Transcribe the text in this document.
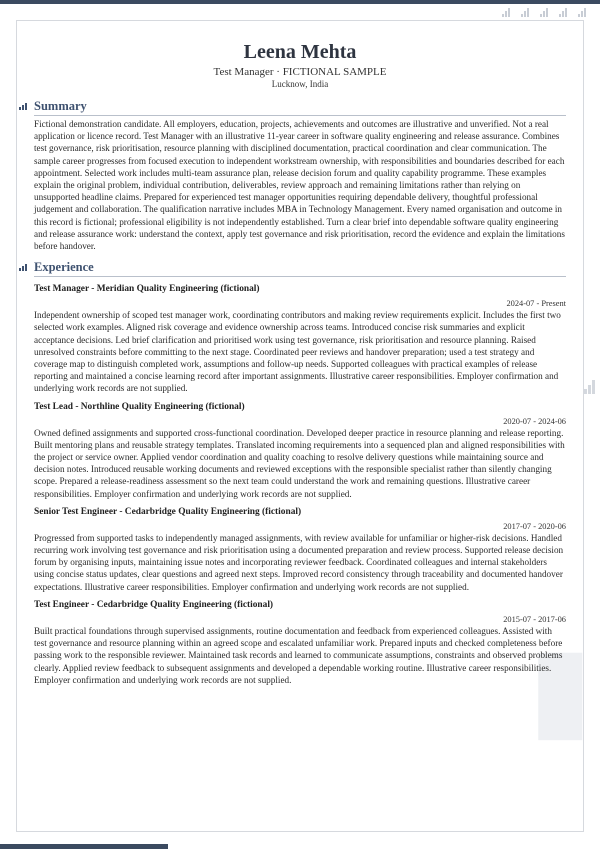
▮
Leena Mehta
Test Manager · FICTIONAL SAMPLE
Lucknow, India
Summary

Fictional demonstration candidate. All employers, education, projects, achievements and outcomes are illustrative and unverified. Not a real application or licence record. Test Manager with an illustrative 11-year career in software quality engineering and release assurance. Combines test governance, risk prioritisation, resource planning with disciplined documentation, practical coordination and clear communication. The sample career progresses from focused execution to independent workstream ownership, with responsibilities and boundaries described for each appointment. Selected work includes multi-team assurance plan, release decision forum and quality capability programme. These examples explain the original problem, individual contribution, deliverables, review approach and remaining limitations rather than relying on unsupported headline claims. Prepared for experienced test manager opportunities requiring dependable delivery, thoughtful professional judgement and collaboration. The qualification narrative includes MBA in Technology Management. Every named organisation and outcome in this record is fictional; professional eligibility is not independently established. Turn a clear brief into dependable software quality engineering and release assurance work: understand the context, apply test governance and risk prioritisation, record the evidence and explain the limitations before handover.

Experience
Test Manager - Meridian Quality Engineering (fictional)
2024-07 - Present

Independent ownership of scoped test manager work, coordinating contributors and making review requirements explicit. Includes the first two selected work examples. Aligned risk coverage and evidence ownership across teams. Introduced concise risk summaries and explicit acceptance decisions. Led brief clarification and prioritised work using test governance, risk prioritisation and resource planning. Raised unresolved constraints before committing to the next stage. Coordinated peer reviews and handover preparation; used a test strategy and coverage map to distinguish completed work, assumptions and follow-up needs. Supported colleagues with practical examples of release reporting and maintained a concise learning record after important assignments. Illustrative career responsibilities. Employer confirmation and underlying work records are not supplied.

Test Lead - Northline Quality Engineering (fictional)
2020-07 - 2024-06

Owned defined assignments and supported cross-functional coordination. Developed deeper practice in resource planning and release reporting. Built mentoring plans and reusable strategy templates. Translated incoming requirements into a sequenced plan and aligned responsibilities with the project or service owner. Applied vendor coordination and quality coaching to resolve delivery questions while maintaining source and decision notes. Introduced reusable working documents and reviewed exceptions with the responsible specialist rather than silently changing scope. Prepared a release-readiness assessment so the next team could understand the work and remaining questions. Illustrative career responsibilities. Employer confirmation and underlying work records are not supplied.

Senior Test Engineer - Cedarbridge Quality Engineering (fictional)
2017-07 - 2020-06

Progressed from supported tasks to independently managed assignments, with review available for unfamiliar or higher-risk decisions. Handled recurring work involving test governance and risk prioritisation using a documented preparation and review process. Supported release decision forum by organising inputs, maintaining issue notes and incorporating reviewer feedback. Coordinated colleagues and internal stakeholders using concise status updates, clear questions and agreed next steps. Improved record consistency through traceability and documented handover expectations. Illustrative career responsibilities. Employer confirmation and underlying work records are not supplied.

Test Engineer - Cedarbridge Quality Engineering (fictional)
2015-07 - 2017-06

Built practical foundations through supervised assignments, routine documentation and feedback from experienced colleagues. Assisted with test governance and resource planning within an agreed scope and escalated unfamiliar work. Prepared inputs and checked completeness before passing work to the responsible reviewer. Maintained task records and learned to communicate assumptions, constraints and observed problems clearly. Applied review feedback to subsequent assignments and developed a dependable working routine. Illustrative career responsibilities. Employer confirmation and underlying work records are not supplied.
